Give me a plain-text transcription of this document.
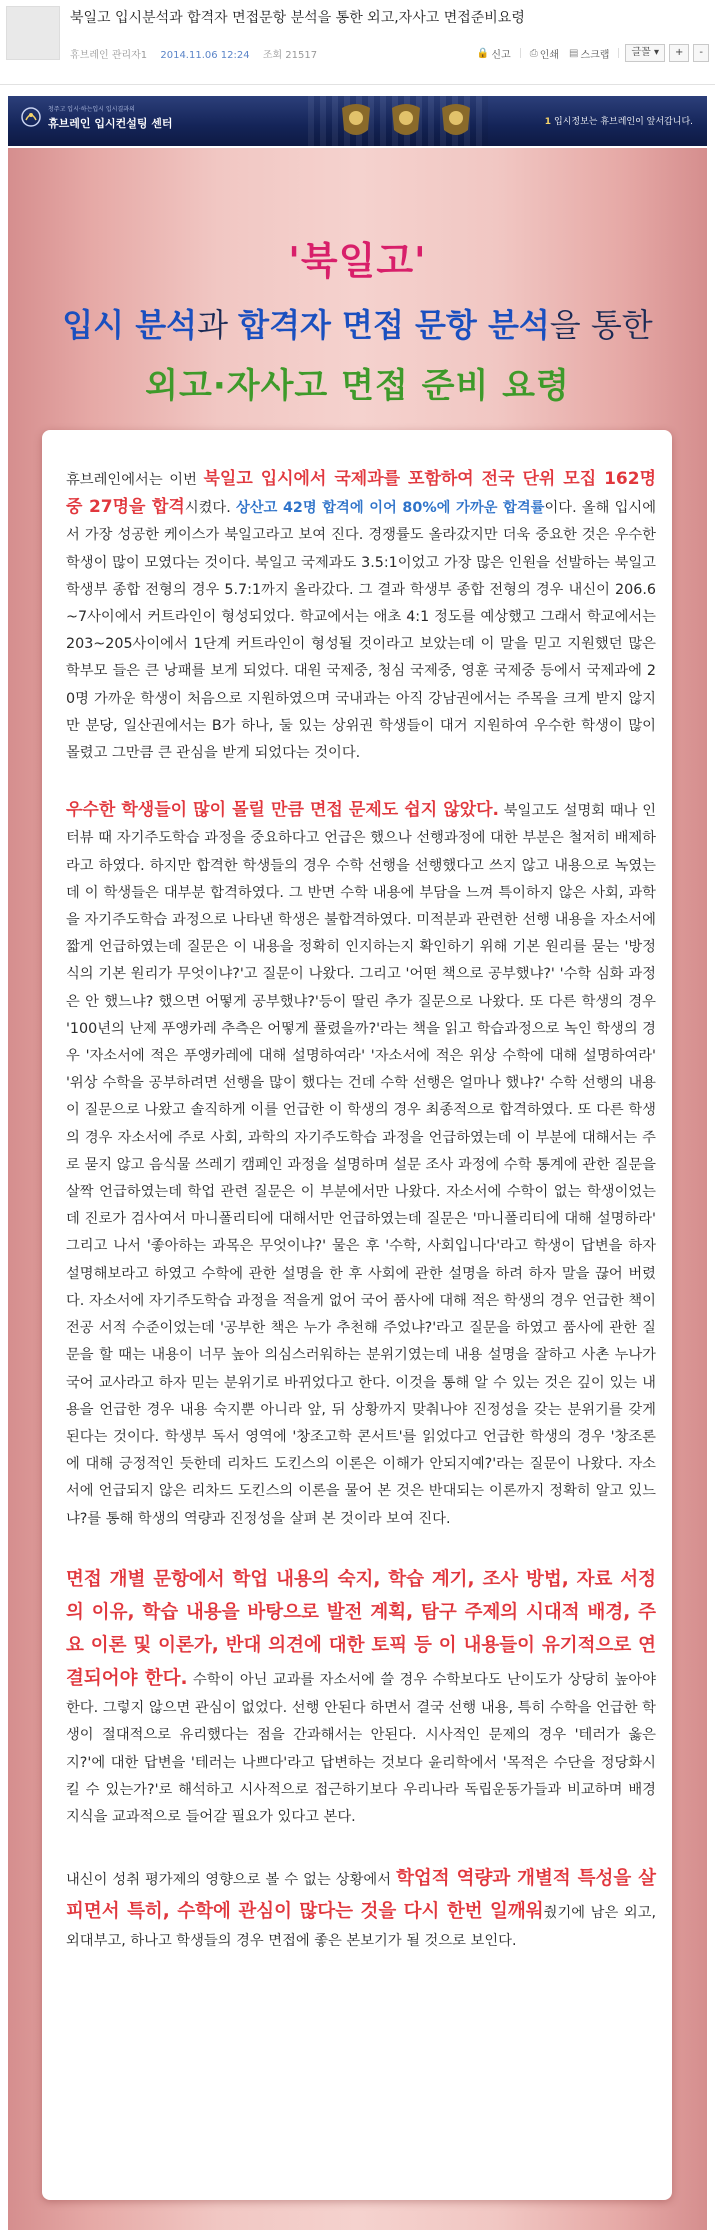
북일고 입시분석과 합격자 면접문항 분석을 통한 외고,자사고 면접준비요령
휴브레인 관리자1 2014.11.06 12:24 조회 21517	🔒 신고 ⎙ 인쇄 ▤ 스크랩	글꼴 ▾	+	-
청주고 입시·하는입시 입시결과의
휴브레인 입시컨설팅 센터	1 입시정보는 휴브레인이 앞서갑니다.
'북일고'
입시 분석과 합격자 면접 문항 분석을 통한
외고·자사고 면접 준비 요령

휴브레인에서는 이번 북일고 입시에서 국제과를 포함하여 전국 단위 모집 162명 중 27명을 합격시켰다. 상산고 42명 합격에 이어 80%에 가까운 합격률이다. 올해 입시에서 가장 성공한 케이스가 북일고라고 보여 진다. 경쟁률도 올라갔지만 더욱 중요한 것은 우수한 학생이 많이 모였다는 것이다. 북일고 국제과도 3.5:1이었고 가장 많은 인원을 선발하는 북일고 학생부 종합 전형의 경우 5.7:1까지 올라갔다. 그 결과 학생부 종합 전형의 경우 내신이 206.6~7사이에서 커트라인이 형성되었다. 학교에서는 애초 4:1 정도를 예상했고 그래서 학교에서는 203~205사이에서 1단계 커트라인이 형성될 것이라고 보았는데 이 말을 믿고 지원했던 많은 학부모 들은 큰 낭패를 보게 되었다. 대원 국제중, 청심 국제중, 영훈 국제중 등에서 국제과에 20명 가까운 학생이 처음으로 지원하였으며 국내과는 아직 강남권에서는 주목을 크게 받지 않지만 분당, 일산권에서는 B가 하나, 둘 있는 상위권 학생들이 대거 지원하여 우수한 학생이 많이 몰렸고 그만큼 큰 관심을 받게 되었다는 것이다.

우수한 학생들이 많이 몰릴 만큼 면접 문제도 쉽지 않았다. 북일고도 설명회 때나 인터뷰 때 자기주도학습 과정을 중요하다고 언급은 했으나 선행과정에 대한 부분은 철저히 배제하라고 하였다. 하지만 합격한 학생들의 경우 수학 선행을 선행했다고 쓰지 않고 내용으로 녹였는데 이 학생들은 대부분 합격하였다. 그 반면 수학 내용에 부담을 느껴 특이하지 않은 사회, 과학을 자기주도학습 과정으로 나타낸 학생은 불합격하였다. 미적분과 관련한 선행 내용을 자소서에 짧게 언급하였는데 질문은 이 내용을 정확히 인지하는지 확인하기 위해 기본 원리를 묻는 '방정식의 기본 원리가 무엇이냐?'고 질문이 나왔다. 그리고 '어떤 책으로 공부했냐?' '수학 심화 과정은 안 했느냐? 했으면 어떻게 공부했냐?'등이 딸린 추가 질문으로 나왔다. 또 다른 학생의 경우 '100년의 난제 푸앵카레 추측은 어떻게 풀렸을까?'라는 책을 읽고 학습과정으로 녹인 학생의 경우 '자소서에 적은 푸앵카레에 대해 설명하여라' '자소서에 적은 위상 수학에 대해 설명하여라' '위상 수학을 공부하려면 선행을 많이 했다는 건데 수학 선행은 얼마나 했냐?' 수학 선행의 내용이 질문으로 나왔고 솔직하게 이를 언급한 이 학생의 경우 최종적으로 합격하였다. 또 다른 학생의 경우 자소서에 주로 사회, 과학의 자기주도학습 과정을 언급하였는데 이 부분에 대해서는 주로 묻지 않고 음식물 쓰레기 캠페인 과정을 설명하며 설문 조사 과정에 수학 통계에 관한 질문을 살짝 언급하였는데 학업 관련 질문은 이 부분에서만 나왔다. 자소서에 수학이 없는 학생이었는데 진로가 검사여서 마니폴리티에 대해서만 언급하였는데 질문은 '마니폴리티에 대해 설명하라' 그리고 나서 '좋아하는 과목은 무엇이냐?' 물은 후 '수학, 사회입니다'라고 학생이 답변을 하자 설명해보라고 하였고 수학에 관한 설명을 한 후 사회에 관한 설명을 하려 하자 말을 끊어 버렸다. 자소서에 자기주도학습 과정을 적을게 없어 국어 품사에 대해 적은 학생의 경우 언급한 책이 전공 서적 수준이었는데 '공부한 책은 누가 추천해 주었냐?'라고 질문을 하였고 품사에 관한 질문을 할 때는 내용이 너무 높아 의심스러워하는 분위기였는데 내용 설명을 잘하고 사촌 누나가 국어 교사라고 하자 믿는 분위기로 바뀌었다고 한다. 이것을 통해 알 수 있는 것은 깊이 있는 내용을 언급한 경우 내용 숙지뿐 아니라 앞, 뒤 상황까지 맞춰나야 진정성을 갖는 분위기를 갖게 된다는 것이다. 학생부 독서 영역에 '창조고학 콘서트'를 읽었다고 언급한 학생의 경우 '창조론에 대해 긍정적인 듯한데 리차드 도킨스의 이론은 이해가 안되지예?'라는 질문이 나왔다. 자소서에 언급되지 않은 리차드 도킨스의 이론을 물어 본 것은 반대되는 이론까지 정확히 알고 있느냐?를 통해 학생의 역량과 진정성을 살펴 본 것이라 보여 진다.

면접 개별 문항에서 학업 내용의 숙지, 학습 계기, 조사 방법, 자료 서정의 이유, 학습 내용을 바탕으로 발전 계획, 탐구 주제의 시대적 배경, 주요 이론 및 이론가, 반대 의견에 대한 토픽 등 이 내용들이 유기적으로 연결되어야 한다. 수학이 아닌 교과를 자소서에 쓸 경우 수학보다도 난이도가 상당히 높아야 한다. 그렇지 않으면 관심이 없었다. 선행 안된다 하면서 결국 선행 내용, 특히 수학을 언급한 학생이 절대적으로 유리했다는 점을 간과해서는 안된다. 시사적인 문제의 경우 '테러가 옳은지?'에 대한 답변을 '테러는 나쁘다'라고 답변하는 것보다 윤리학에서 '목적은 수단을 정당화시킬 수 있는가?'로 해석하고 시사적으로 접근하기보다 우리나라 독립운동가들과 비교하며 배경 지식을 교과적으로 들어갈 필요가 있다고 본다.

내신이 성취 평가제의 영향으로 볼 수 없는 상황에서 학업적 역량과 개별적 특성을 살피면서 특히, 수학에 관심이 많다는 것을 다시 한번 일깨워줬기에 남은 외고, 외대부고, 하나고 학생들의 경우 면접에 좋은 본보기가 될 것으로 보인다.
